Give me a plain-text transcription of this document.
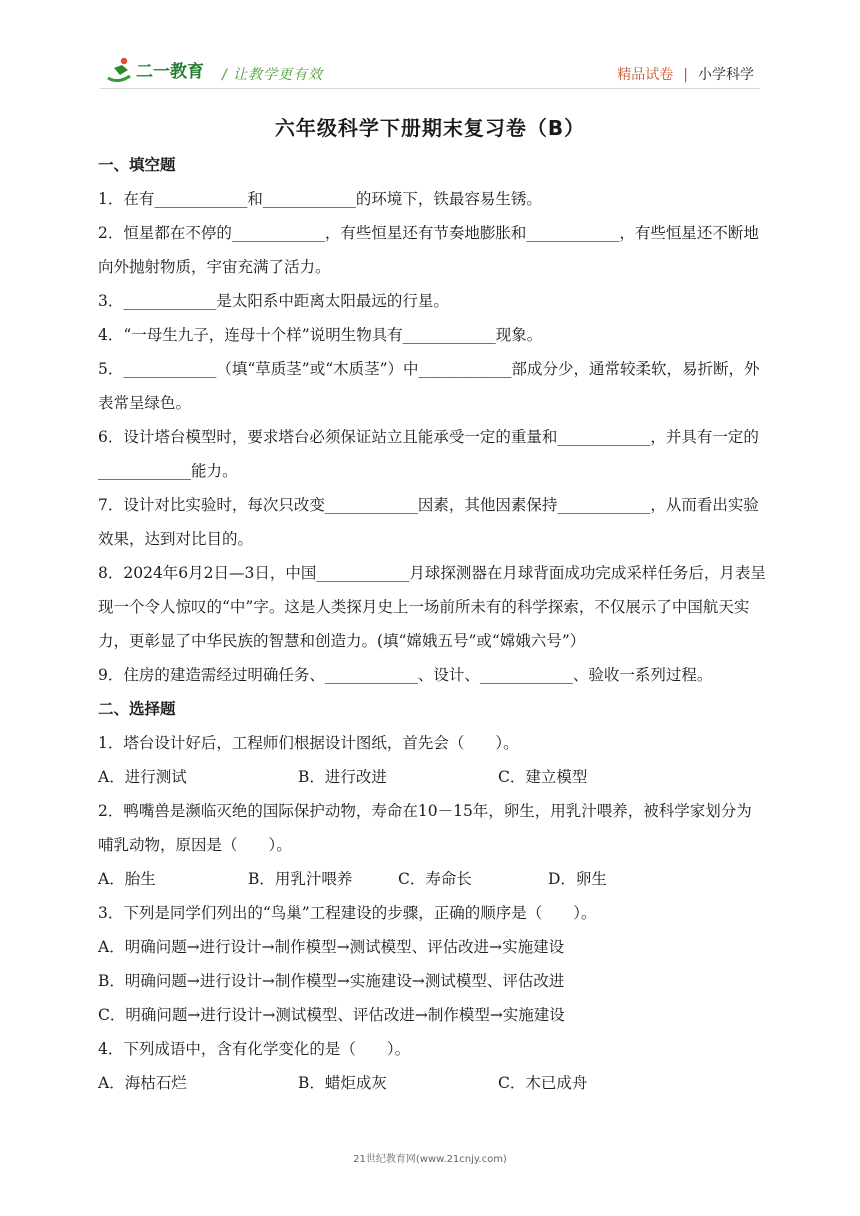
二一教育 / 让教学更有效	精品试卷 | 小学科学
六年级科学下册期末复习卷（B）
一、填空题

1．在有____________和____________的环境下，铁最容易生锈。

2．恒星都在不停的____________，有些恒星还有节奏地膨胀和____________，有些恒星还不断地向外抛射物质，宇宙充满了活力。

3．____________是太阳系中距离太阳最远的行星。

4．“一母生九子，连母十个样”说明生物具有____________现象。

5．____________（填“草质茎”或“木质茎”）中____________部成分少，通常较柔软，易折断，外表常呈绿色。

6．设计塔台模型时，要求塔台必须保证站立且能承受一定的重量和____________，并具有一定的____________能力。

7．设计对比实验时，每次只改变____________因素，其他因素保持____________，从而看出实验效果，达到对比目的。

8．2024年6月2日—3日，中国____________月球探测器在月球背面成功完成采样任务后，月表呈现一个令人惊叹的“中”字。这是人类探月史上一场前所未有的科学探索，不仅展示了中国航天实力，更彰显了中华民族的智慧和创造力。(填“嫦娥五号”或“嫦娥六号”）

9．住房的建造需经过明确任务、____________、设计、____________、验收一系列过程。

二、选择题

1．塔台设计好后，工程师们根据设计图纸，首先会（　　）。

A．进行测试	B．进行改进	C．建立模型

2．鸭嘴兽是濒临灭绝的国际保护动物，寿命在10－15年，卵生，用乳汁喂养，被科学家划分为哺乳动物，原因是（　　）。

A．胎生	B．用乳汁喂养	C．寿命长	D．卵生

3．下列是同学们列出的“鸟巢”工程建设的步骤，正确的顺序是（　　）。

A．明确问题→进行设计→制作模型→测试模型、评估改进→实施建设

B．明确问题→进行设计→制作模型→实施建设→测试模型、评估改进

C．明确问题→进行设计→测试模型、评估改进→制作模型→实施建设

4．下列成语中，含有化学变化的是（　　）。

A．海枯石烂	B．蜡炬成灰	C．木已成舟
21世纪教育网(www.21cnjy.com)
